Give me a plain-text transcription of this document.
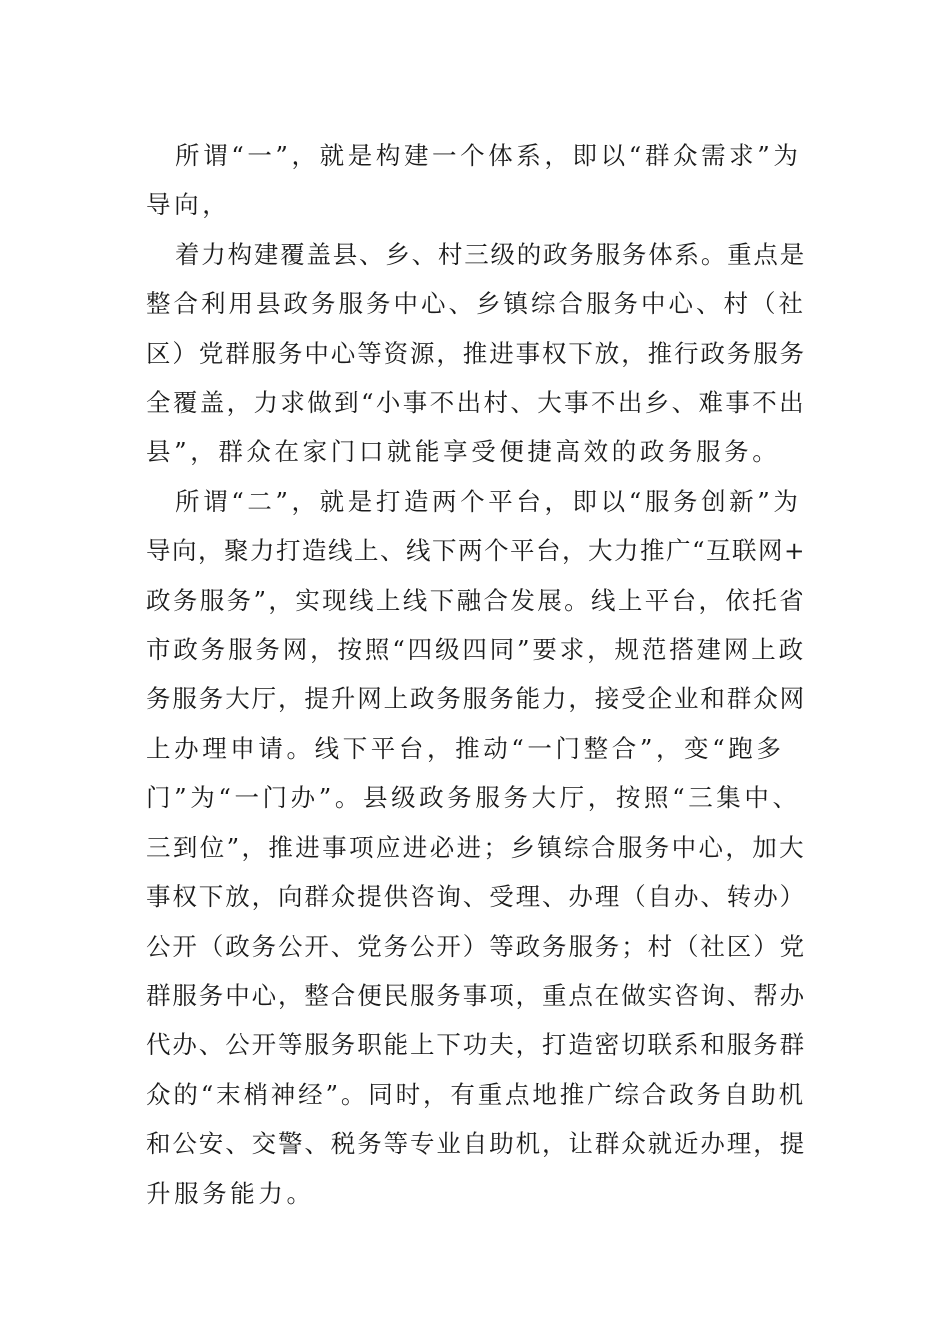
所谓“一”，就是构建一个体系，即以“群众需求”为
导向，

着力构建覆盖县、乡、村三级的政务服务体系。重点是
整合利用县政务服务中心、乡镇综合服务中心、村（社
区）党群服务中心等资源，推进事权下放，推行政务服务
全覆盖，力求做到“小事不出村、大事不出乡、难事不出
县”，群众在家门口就能享受便捷高效的政务服务。

所谓“二”，就是打造两个平台，即以“服务创新”为
导向，聚力打造线上、线下两个平台，大力推广“互联网+
政务服务”，实现线上线下融合发展。线上平台，依托省
市政务服务网，按照“四级四同”要求，规范搭建网上政
务服务大厅，提升网上政务服务能力，接受企业和群众网
上办理申请。线下平台，推动“一门整合”，变“跑多
门”为“一门办”。县级政务服务大厅，按照“三集中、
三到位”，推进事项应进必进；乡镇综合服务中心，加大
事权下放，向群众提供咨询、受理、办理（自办、转办）
公开（政务公开、党务公开）等政务服务；村（社区）党
群服务中心，整合便民服务事项，重点在做实咨询、帮办
代办、公开等服务职能上下功夫，打造密切联系和服务群
众的“末梢神经”。同时，有重点地推广综合政务自助机
和公安、交警、税务等专业自助机，让群众就近办理，提
升服务能力。
